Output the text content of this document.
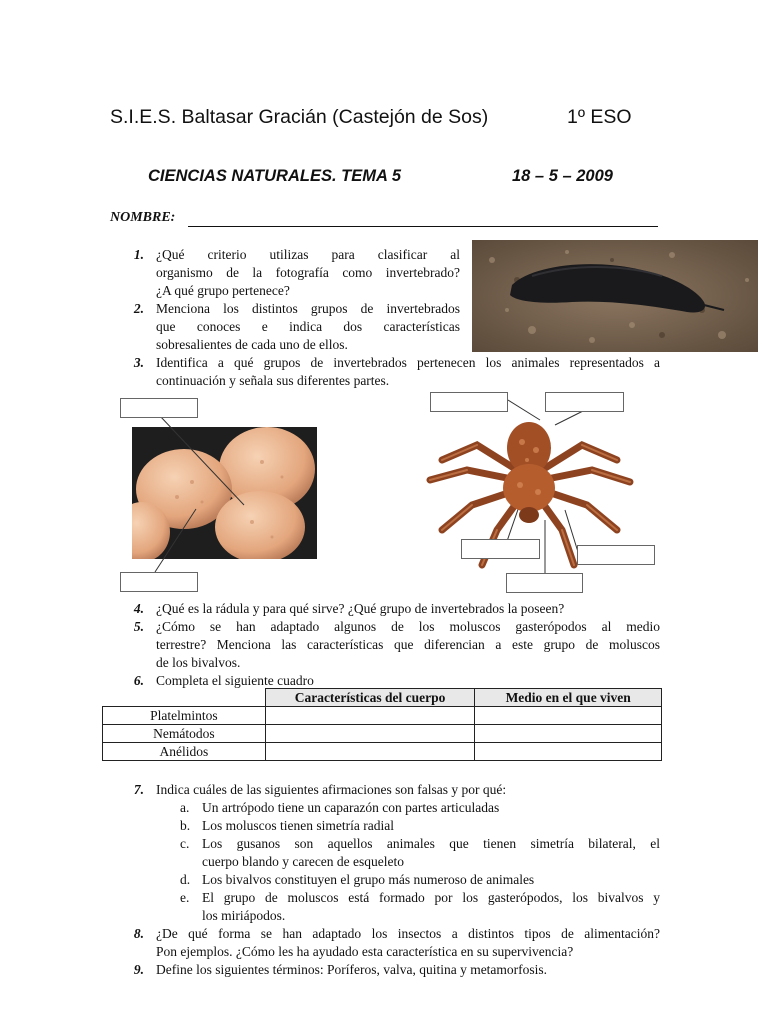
S.I.E.S. Baltasar Gracián (Castejón de Sos)	1º ESO
CIENCIAS NATURALES. TEMA 5	18 – 5 – 2009
NOMBRE:
1. ¿Qué criterio utilizas para clasificar al
organismo de la fotografía como invertebrado?
¿A qué grupo pertenece?
2. Menciona los distintos grupos de invertebrados
que conoces e indica dos características
sobresalientes de cada uno de ellos.
3. Identifica a qué grupos de invertebrados pertenecen los animales representados a
continuación y señala sus diferentes partes.
4. ¿Qué es la rádula y para qué sirve? ¿Qué grupo de invertebrados la poseen?
5. ¿Cómo se han adaptado algunos de los moluscos gasterópodos al medio
terrestre? Menciona las características que diferencian a este grupo de moluscos
de los bivalvos.
6. Completa el siguiente cuadro
	Características del cuerpo	Medio en el que viven
Platelmintos		
Nemátodos		
Anélidos		
7. Indica cuáles de las siguientes afirmaciones son falsas y por qué:
a. Un artrópodo tiene un caparazón con partes articuladas
b. Los moluscos tienen simetría radial
c. Los gusanos son aquellos animales que tienen simetría bilateral, el
cuerpo blando y carecen de esqueleto
d. Los bivalvos constituyen el grupo más numeroso de animales
e. El grupo de moluscos está formado por los gasterópodos, los bivalvos y
los miriápodos.
8. ¿De qué forma se han adaptado los insectos a distintos tipos de alimentación?
Pon ejemplos. ¿Cómo les ha ayudado esta característica en su supervivencia?
9. Define los siguientes términos: Poríferos, valva, quitina y metamorfosis.
